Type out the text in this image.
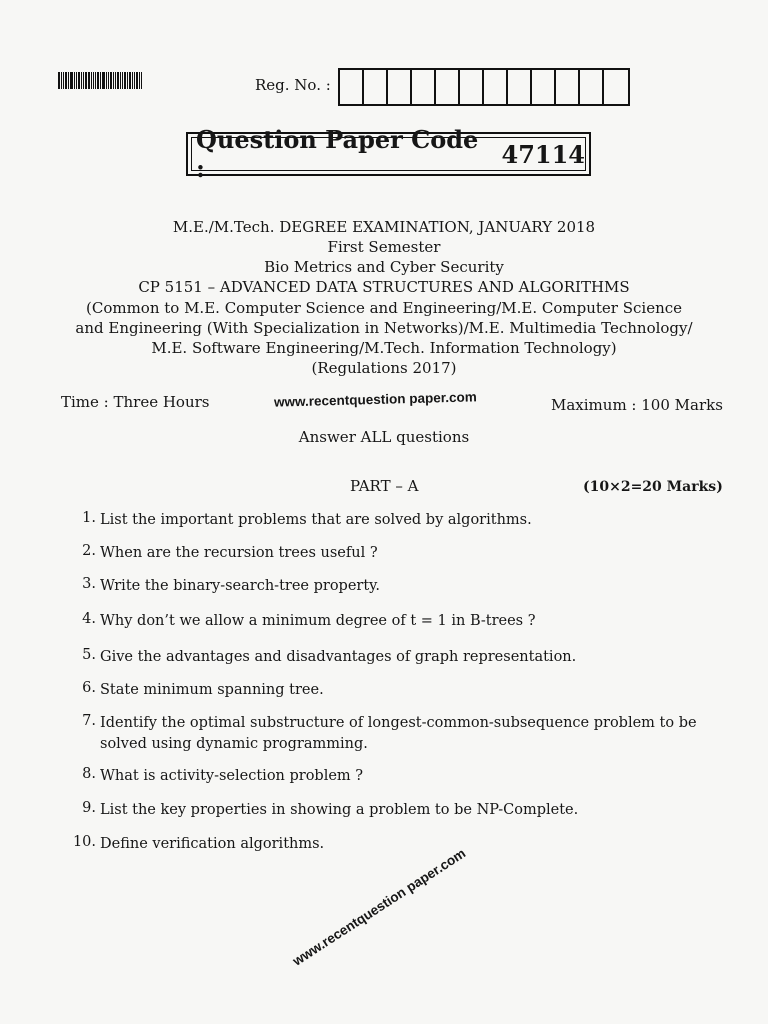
Reg. No. :
Question Paper Code :	47114
M.E./M.Tech. DEGREE EXAMINATION, JANUARY 2018
First Semester
Bio Metrics and Cyber Security
CP 5151 – ADVANCED DATA STRUCTURES AND ALGORITHMS
(Common to M.E. Computer Science and Engineering/M.E. Computer Science
and Engineering (With Specialization in Networks)/M.E. Multimedia Technology/
M.E. Software Engineering/M.Tech. Information Technology)
(Regulations 2017)
Time : Three Hours	www.recentquestion paper.com	Maximum : 100 Marks
Answer ALL questions
PART – A	(10×2=20 Marks)
1. List the important problems that are solved by algorithms.
2. When are the recursion trees useful ?
3. Write the binary-search-tree property.
4. Why don’t we allow a minimum degree of t = 1 in B-trees ?
5. Give the advantages and disadvantages of graph representation.
6. State minimum spanning tree.
7. Identify the optimal substructure of longest-common-subsequence problem to be solved using dynamic programming.
8. What is activity-selection problem ?
9. List the key properties in showing a problem to be NP-Complete.
10. Define verification algorithms.
www.recentquestion paper.com
